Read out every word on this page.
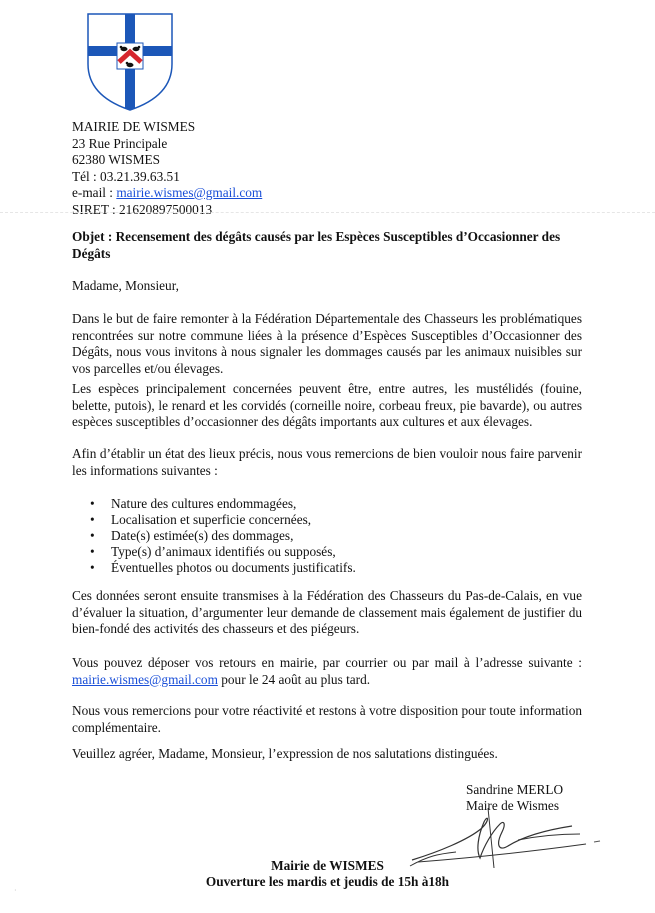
MAIRIE DE WISMES
23 Rue Principale
62380 WISMES
Tél : 03.21.39.63.51
e-mail : mairie.wismes@gmail.com
SIRET : 21620897500013
Objet : Recensement des dégâts causés par les Espèces Susceptibles d’Occasionner des Dégâts
Madame, Monsieur,
Dans le but de faire remonter à la Fédération Départementale des Chasseurs les problématiques rencontrées sur notre commune liées à la présence d’Espèces Susceptibles d’Occasionner des Dégâts, nous vous invitons à nous signaler les dommages causés par les animaux nuisibles sur vos parcelles et/ou élevages.
Les espèces principalement concernées peuvent être, entre autres, les mustélidés (fouine, belette, putois), le renard et les corvidés (corneille noire, corbeau freux, pie bavarde), ou autres espèces susceptibles d’occasionner des dégâts importants aux cultures et aux élevages.
Afin d’établir un état des lieux précis, nous vous remercions de bien vouloir nous faire parvenir les informations suivantes :
• Nature des cultures endommagées,
• Localisation et superficie concernées,
• Date(s) estimée(s) des dommages,
• Type(s) d’animaux identifiés ou supposés,
• Éventuelles photos ou documents justificatifs.
Ces données seront ensuite transmises à la Fédération des Chasseurs du Pas-de-Calais, en vue d’évaluer la situation, d’argumenter leur demande de classement mais également de justifier du bien-fondé des activités des chasseurs et des piégeurs.
Vous pouvez déposer vos retours en mairie, par courrier ou par mail à l’adresse suivante : mairie.wismes@gmail.com pour le 24 août au plus tard.
Nous vous remercions pour votre réactivité et restons à votre disposition pour toute information complémentaire.
Veuillez agréer, Madame, Monsieur, l’expression de nos salutations distinguées.
Sandrine MERLO
Maire de Wismes
Mairie de WISMES
Ouverture les mardis et jeudis de 15h à18h
·
